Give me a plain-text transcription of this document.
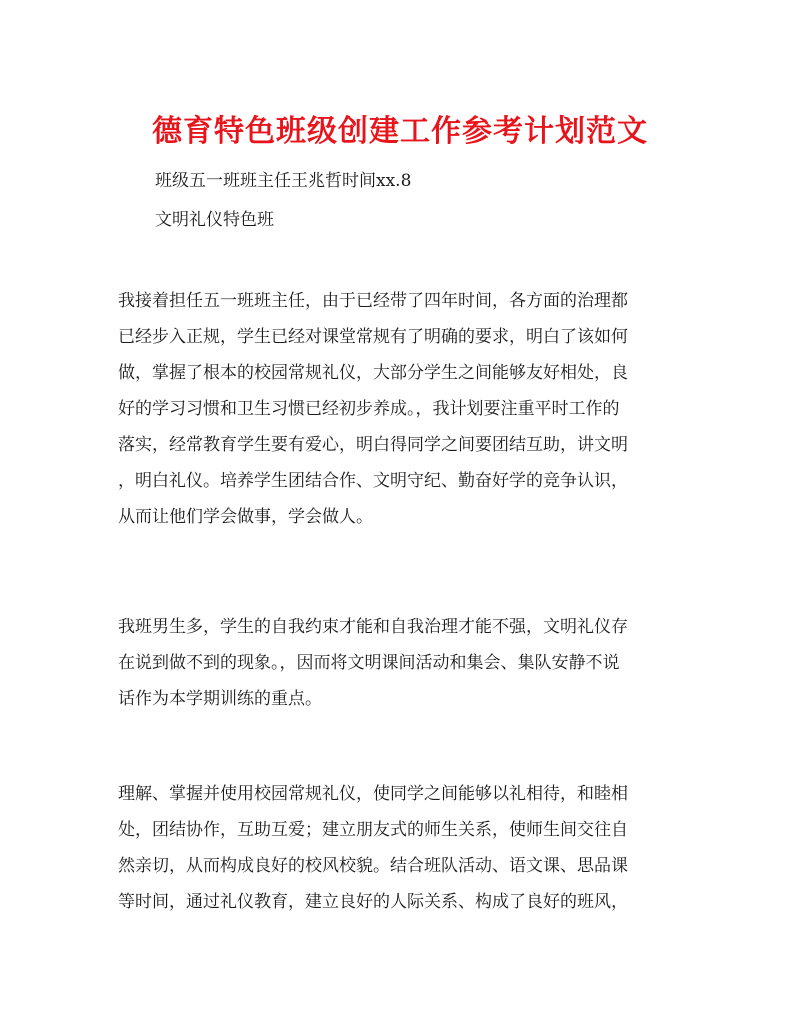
德育特色班级创建工作参考计划范文
班级五一班班主任王兆哲时间xx.8
文明礼仪特色班
我接着担任五一班班主任，由于已经带了四年时间，各方面的治理都
已经步入正规，学生已经对课堂常规有了明确的要求，明白了该如何
做，掌握了根本的校园常规礼仪，大部分学生之间能够友好相处，良
好的学习习惯和卫生习惯已经初步养成。，我计划要注重平时工作的
落实，经常教育学生要有爱心，明白得同学之间要团结互助，讲文明
，明白礼仪。培养学生团结合作、文明守纪、勤奋好学的竞争认识，
从而让他们学会做事，学会做人。
我班男生多，学生的自我约束才能和自我治理才能不强，文明礼仪存
在说到做不到的现象。，因而将文明课间活动和集会、集队安静不说
话作为本学期训练的重点。
理解、掌握并使用校园常规礼仪，使同学之间能够以礼相待，和睦相
处，团结协作，互助互爱；建立朋友式的师生关系，使师生间交往自
然亲切，从而构成良好的校风校貌。结合班队活动、语文课、思品课
等时间，通过礼仪教育，建立良好的人际关系、构成了良好的班风，
